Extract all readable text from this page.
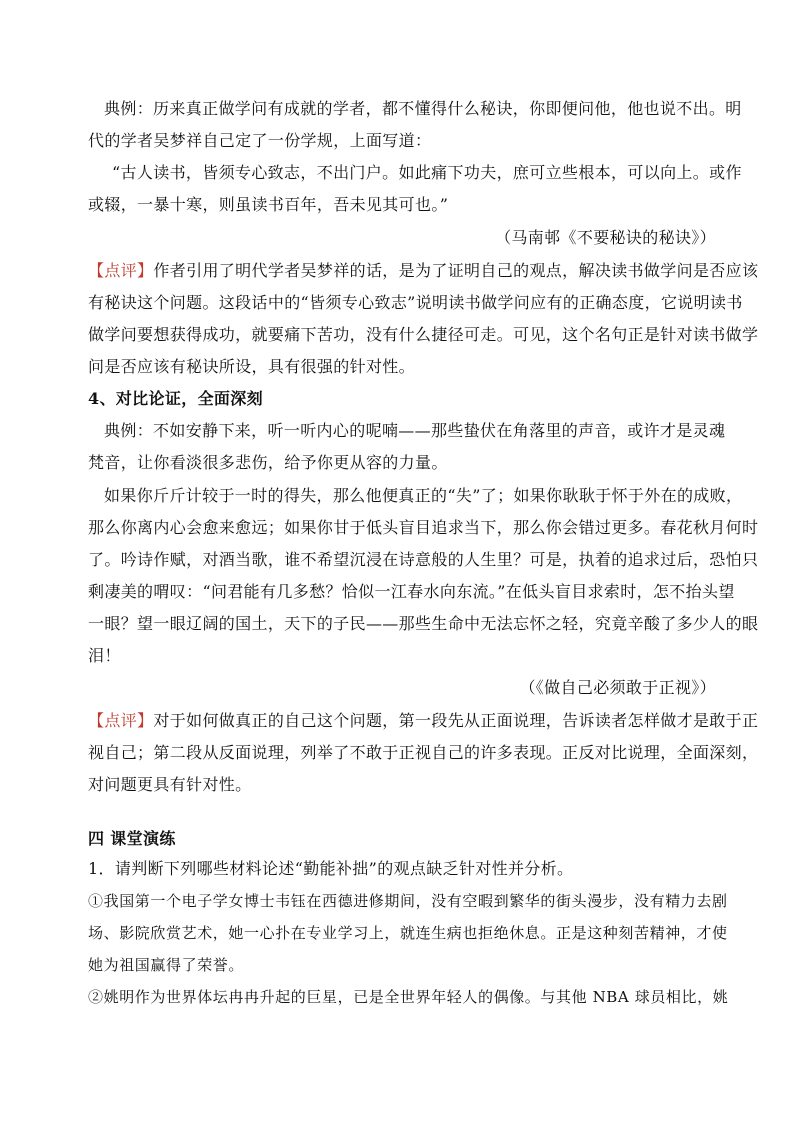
典例：历来真正做学问有成就的学者，都不懂得什么秘诀，你即便问他，他也说不出。明
代的学者吴梦祥自己定了一份学规，上面写道：
“古人读书，皆须专心致志，不出门户。如此痛下功夫，庶可立些根本，可以向上。或作
或辍，一暴十寒，则虽读书百年，吾未见其可也。”
（马南邨《不要秘诀的秘诀》）
【点评】作者引用了明代学者吴梦祥的话，是为了证明自己的观点，解决读书做学问是否应该
有秘诀这个问题。这段话中的“皆须专心致志”说明读书做学问应有的正确态度，它说明读书
做学问要想获得成功，就要痛下苦功，没有什么捷径可走。可见，这个名句正是针对读书做学
问是否应该有秘诀所设，具有很强的针对性。
4、对比论证，全面深刻
典例：不如安静下来，听一听内心的呢喃——那些蛰伏在角落里的声音，或许才是灵魂
梵音，让你看淡很多悲伤，给予你更从容的力量。
如果你斤斤计较于一时的得失，那么他便真正的“失”了；如果你耿耿于怀于外在的成败，
那么你离内心会愈来愈远；如果你甘于低头盲目追求当下，那么你会错过更多。春花秋月何时
了。吟诗作赋，对酒当歌，谁不希望沉浸在诗意般的人生里？可是，执着的追求过后，恐怕只
剩凄美的喟叹：“问君能有几多愁？恰似一江春水向东流。”在低头盲目求索时，怎不抬头望
一眼？望一眼辽阔的国土，天下的子民——那些生命中无法忘怀之轻，究竟辛酸了多少人的眼
泪！
（《做自己必须敢于正视》）
【点评】对于如何做真正的自己这个问题，第一段先从正面说理，告诉读者怎样做才是敢于正
视自己；第二段从反面说理，列举了不敢于正视自己的许多表现。正反对比说理，全面深刻，
对问题更具有针对性。
四 课堂演练
1．请判断下列哪些材料论述“勤能补拙”的观点缺乏针对性并分析。
①我国第一个电子学女博士韦钰在西德进修期间，没有空暇到繁华的街头漫步，没有精力去剧
场、影院欣赏艺术，她一心扑在专业学习上，就连生病也拒绝休息。正是这种刻苦精神，才使
她为祖国赢得了荣誉。
②姚明作为世界体坛冉冉升起的巨星，已是全世界年轻人的偶像。与其他 NBA 球员相比，姚
